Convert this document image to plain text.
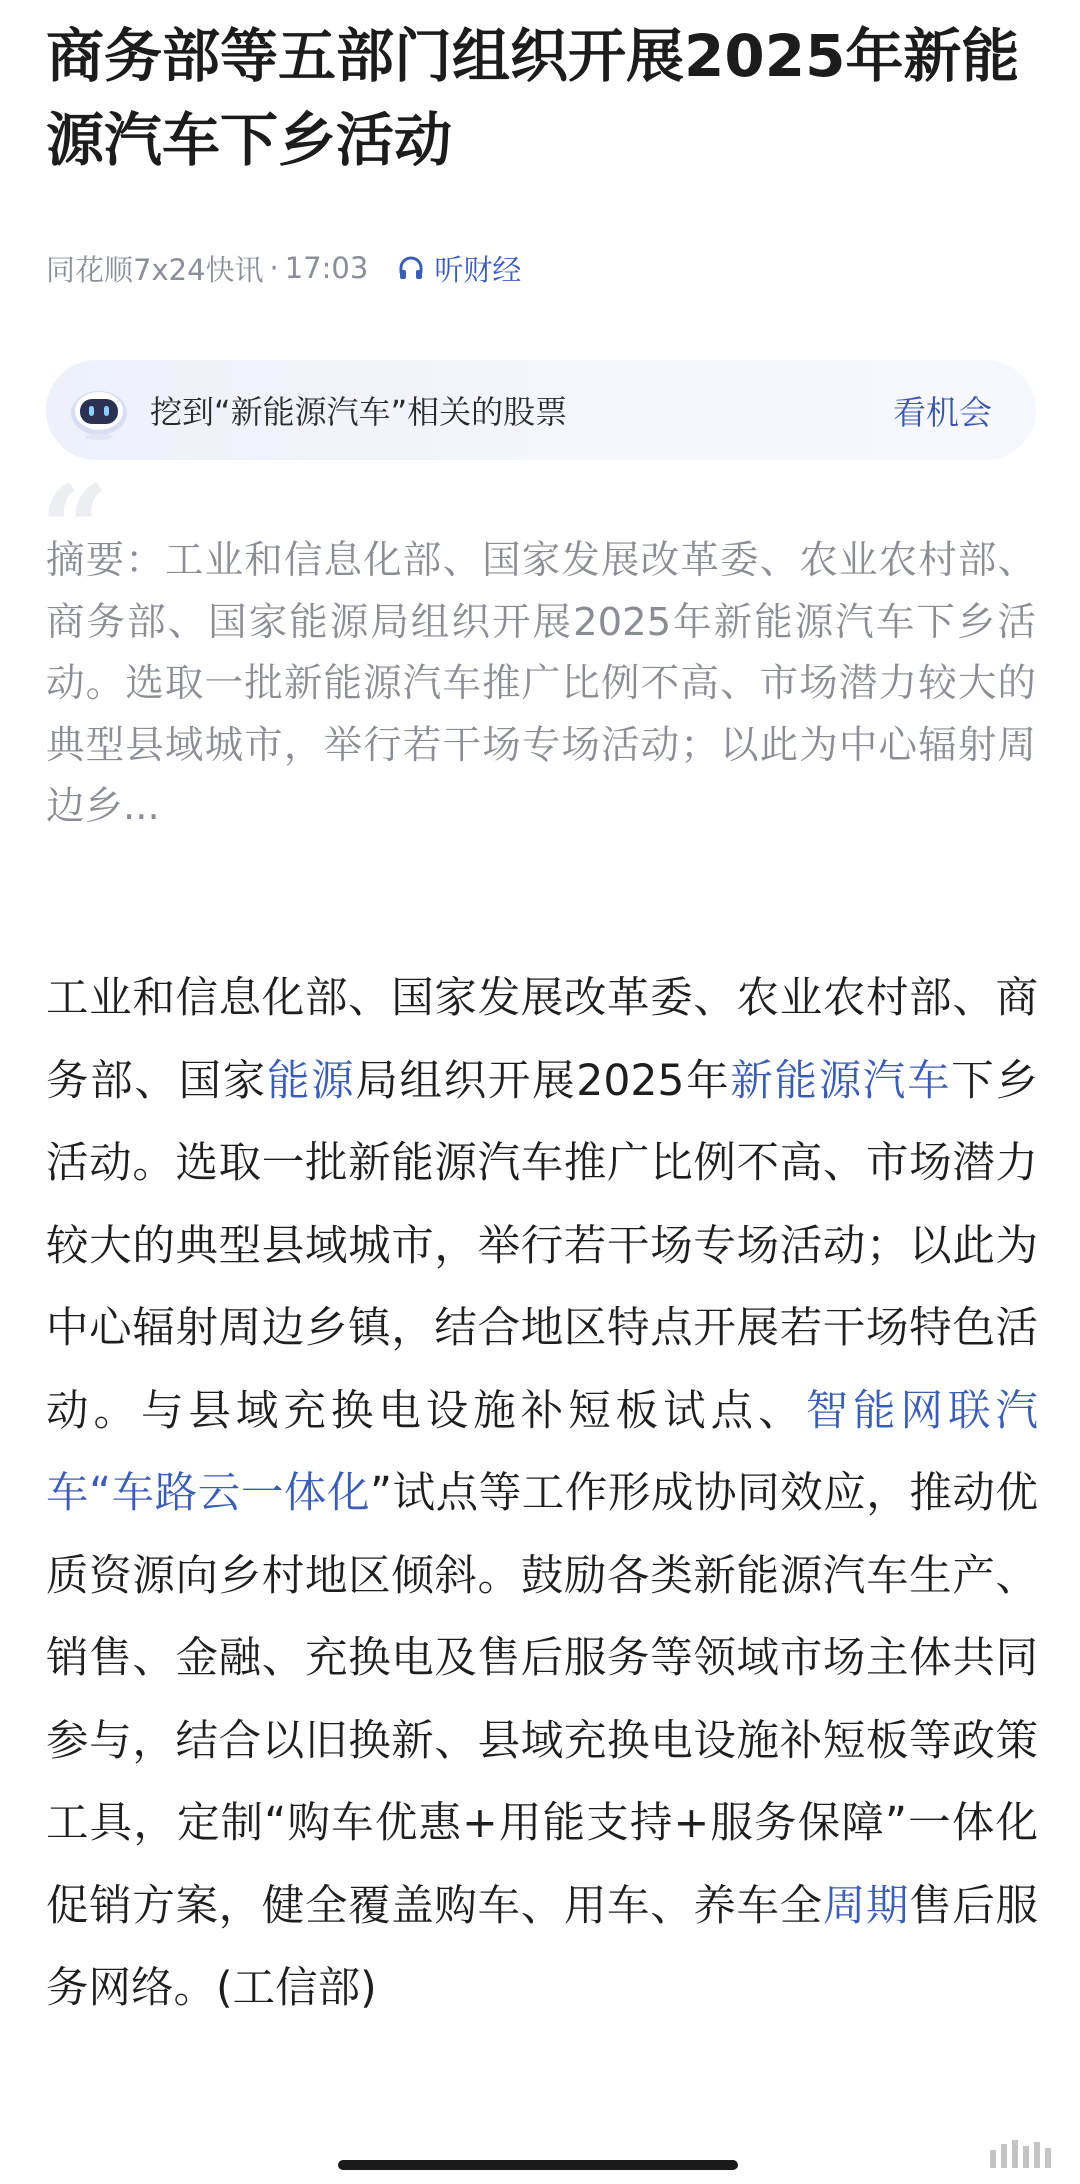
商务部等五部门组织开展2025年新能源汽车下乡活动
同花顺7x24快讯 · 17:03 听财经
挖到“新能源汽车”相关的股票	看机会
“

摘要：工业和信息化部、国家发展改革委、农业农村部、商务部、国家能源局组织开展2025年新能源汽车下乡活动。选取一批新能源汽车推广比例不高、市场潜力较大的典型县域城市，举行若干场专场活动；以此为中心辐射周边乡...

工业和信息化部、国家发展改革委、农业农村部、商务部、国家能源局组织开展2025年新能源汽车下乡活动。选取一批新能源汽车推广比例不高、市场潜力较大的典型县域城市，举行若干场专场活动；以此为中心辐射周边乡镇，结合地区特点开展若干场特色活动。与县域充换电设施补短板试点、智能网联汽车“车路云一体化”试点等工作形成协同效应，推动优质资源向乡村地区倾斜。鼓励各类新能源汽车生产、销售、金融、充换电及售后服务等领域市场主体共同参与，结合以旧换新、县域充换电设施补短板等政策工具，定制“购车优惠+用能支持+服务保障”一体化促销方案，健全覆盖购车、用车、养车全周期售后服务网络。(工信部)
